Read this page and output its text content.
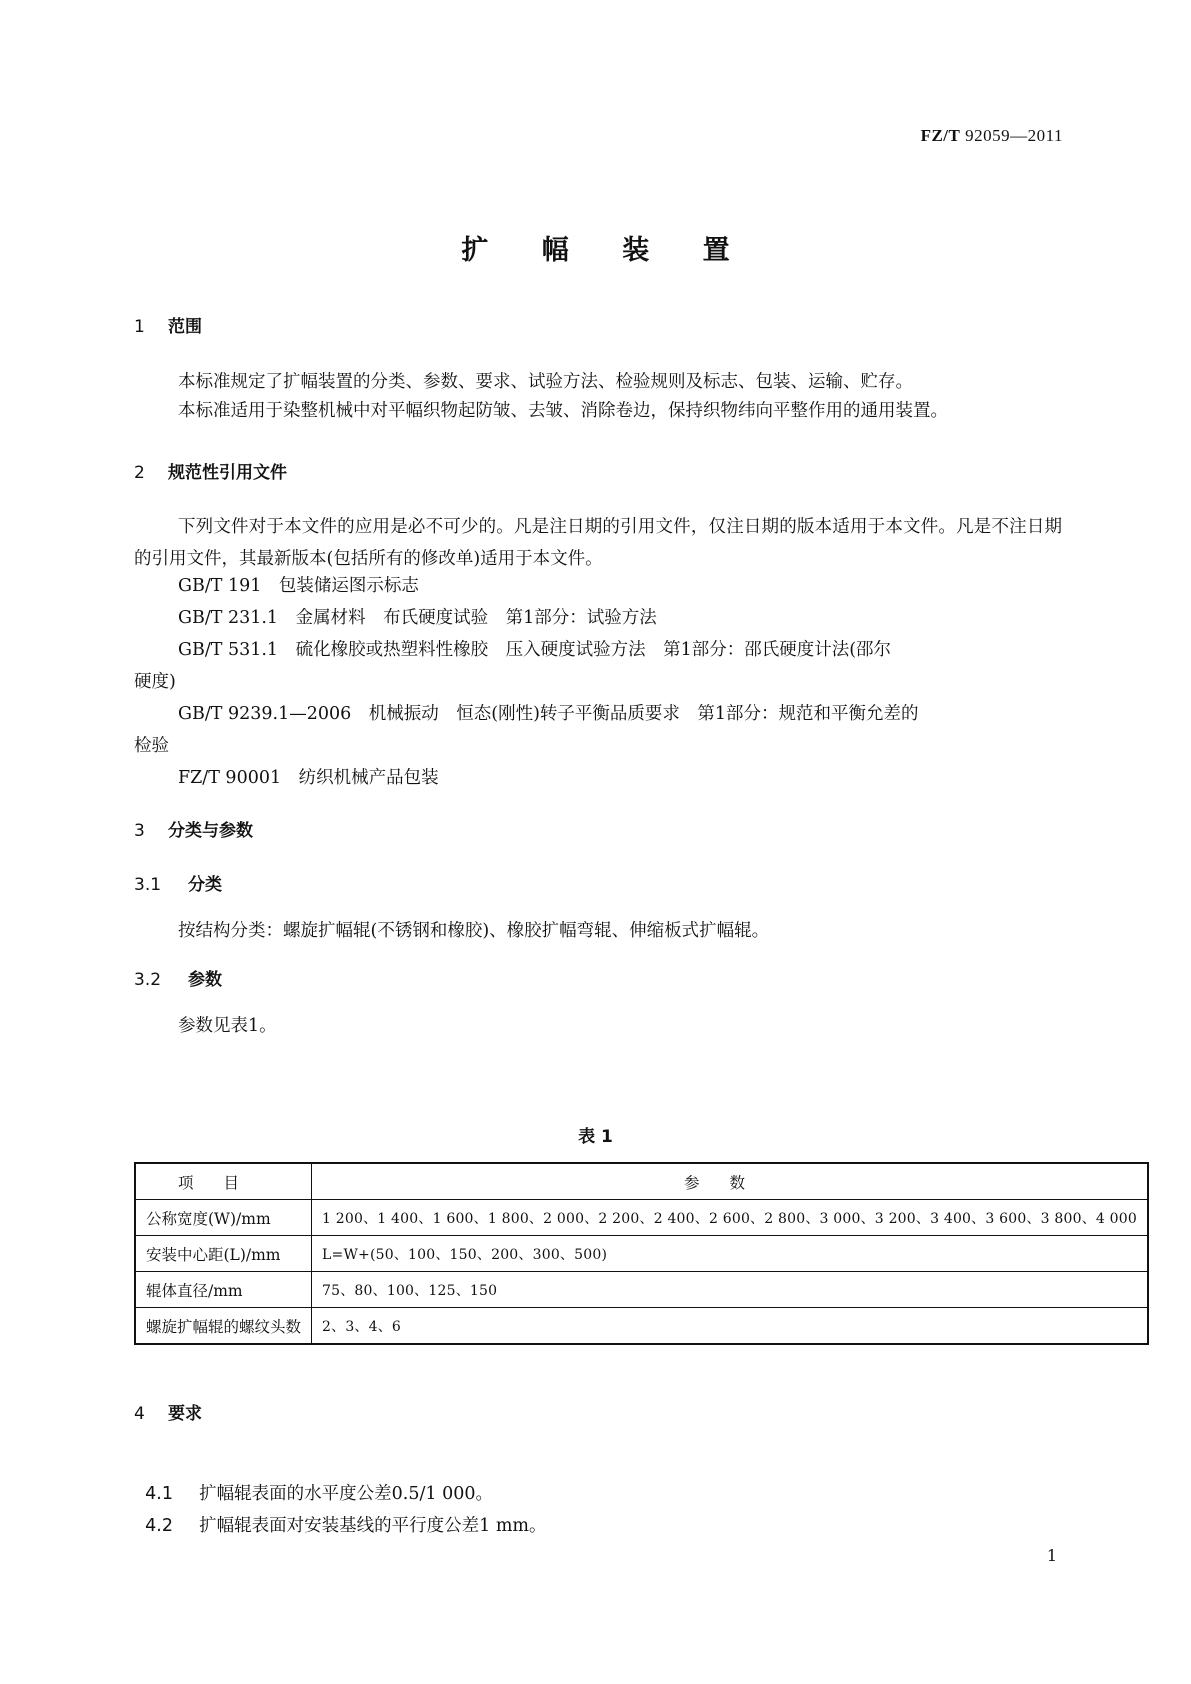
FZ/T 92059—2011
扩 幅 装 置
1 范围
本标准规定了扩幅装置的分类、参数、要求、试验方法、检验规则及标志、包装、运输、贮存。
本标准适用于染整机械中对平幅织物起防皱、去皱、消除卷边，保持织物纬向平整作用的通用装置。
2 规范性引用文件
下列文件对于本文件的应用是必不可少的。凡是注日期的引用文件，仅注日期的版本适用于本文件。凡是不注日期的引用文件，其最新版本(包括所有的修改单)适用于本文件。
GB/T 191　包装储运图示标志
GB/T 231.1　金属材料　布氏硬度试验　第1部分：试验方法
GB/T 531.1　硫化橡胶或热塑料性橡胶　压入硬度试验方法　第1部分：邵氏硬度计法(邵尔
硬度)
GB/T 9239.1—2006　机械振动　恒态(刚性)转子平衡品质要求　第1部分：规范和平衡允差的
检验
FZ/T 90001　纺织机械产品包装
3 分类与参数
3.1 分类
按结构分类：螺旋扩幅辊(不锈钢和橡胶)、橡胶扩幅弯辊、伸缩板式扩幅辊。
3.2 参数
参数见表1。
表 1
项目	参数
公称宽度(W)/mm	1 200、1 400、1 600、1 800、2 000、2 200、2 400、2 600、2 800、3 000、3 200、3 400、3 600、3 800、4 000
安装中心距(L)/mm	L=W+(50、100、150、200、300、500)
辊体直径/mm	75、80、100、125、150
螺旋扩幅辊的螺纹头数	2、3、4、6
4 要求

4.1 扩幅辊表面的水平度公差0.5/1 000。

4.2 扩幅辊表面对安装基线的平行度公差1 mm。

1
